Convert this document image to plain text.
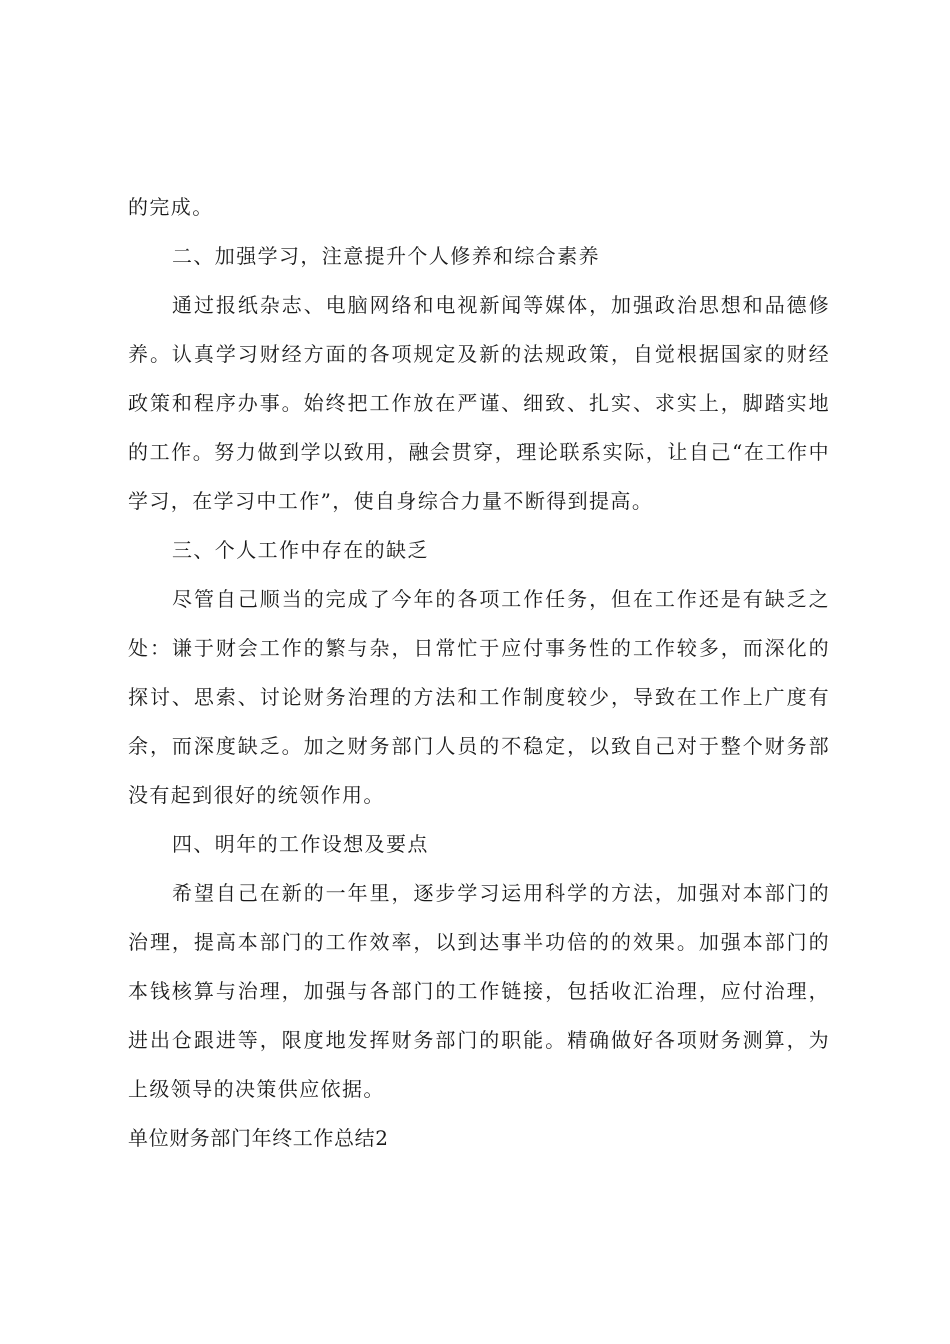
的完成。

二、加强学习，注意提升个人修养和综合素养

通过报纸杂志、电脑网络和电视新闻等媒体，加强政治思想和品德修养。认真学习财经方面的各项规定及新的法规政策，自觉根据国家的财经政策和程序办事。始终把工作放在严谨、细致、扎实、求实上，脚踏实地的工作。努力做到学以致用，融会贯穿，理论联系实际，让自己“在工作中学习，在学习中工作”，使自身综合力量不断得到提高。

三、个人工作中存在的缺乏

尽管自己顺当的完成了今年的各项工作任务，但在工作还是有缺乏之处：谦于财会工作的繁与杂，日常忙于应付事务性的工作较多，而深化的探讨、思索、讨论财务治理的方法和工作制度较少，导致在工作上广度有余，而深度缺乏。加之财务部门人员的不稳定，以致自己对于整个财务部没有起到很好的统领作用。

四、明年的工作设想及要点

希望自己在新的一年里，逐步学习运用科学的方法，加强对本部门的治理，提高本部门的工作效率，以到达事半功倍的的效果。加强本部门的本钱核算与治理，加强与各部门的工作链接，包括收汇治理，应付治理，进出仓跟进等，限度地发挥财务部门的职能。精确做好各项财务测算，为上级领导的决策供应依据。

单位财务部门年终工作总结2
